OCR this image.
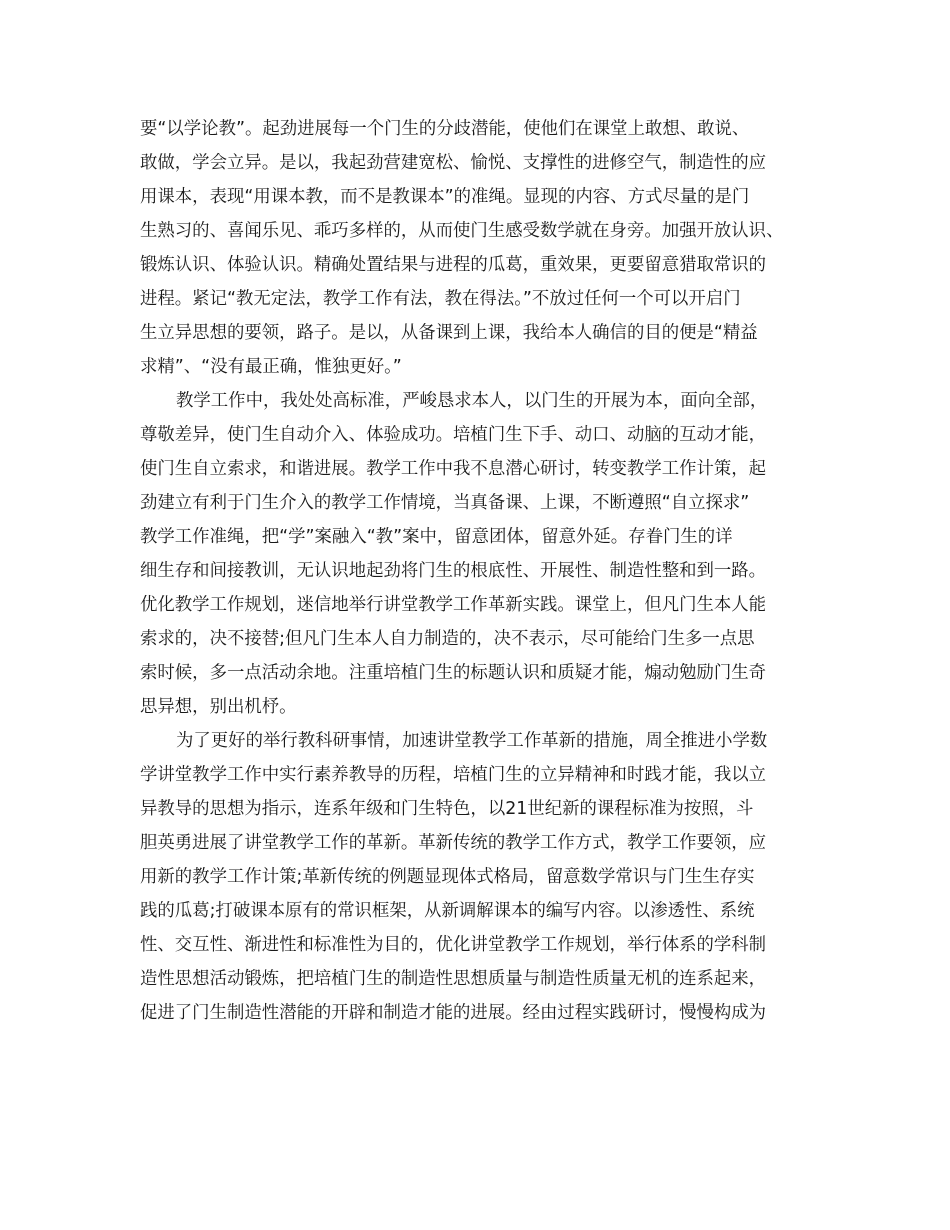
要“以学论教”。起劲进展每一个门生的分歧潜能，使他们在课堂上敢想、敢说、

敢做，学会立异。是以，我起劲营建宽松、愉悦、支撑性的进修空气，制造性的应

用课本，表现“用课本教，而不是教课本”的准绳。显现的内容、方式尽量的是门

生熟习的、喜闻乐见、乖巧多样的，从而使门生感受数学就在身旁。加强开放认识、

锻炼认识、体验认识。精确处置结果与进程的瓜葛，重效果，更要留意猎取常识的

进程。紧记“教无定法，教学工作有法，教在得法。”不放过任何一个可以开启门

生立异思想的要领，路子。是以，从备课到上课，我给本人确信的目的便是“精益

求精”、“没有最正确，惟独更好。”

教学工作中，我处处高标准，严峻恳求本人，以门生的开展为本，面向全部，

尊敬差异，使门生自动介入、体验成功。培植门生下手、动口、动脑的互动才能，

使门生自立索求，和谐进展。教学工作中我不息潜心研讨，转变教学工作计策，起

劲建立有利于门生介入的教学工作情境，当真备课、上课，不断遵照“自立探求”

教学工作准绳，把“学”案融入“教”案中，留意团体，留意外延。存眷门生的详

细生存和间接教训，无认识地起劲将门生的根底性、开展性、制造性整和到一路。

优化教学工作规划，迷信地举行讲堂教学工作革新实践。课堂上，但凡门生本人能

索求的，决不接替;但凡门生本人自力制造的，决不表示，尽可能给门生多一点思

索时候，多一点活动余地。注重培植门生的标题认识和质疑才能，煽动勉励门生奇

思异想，别出机杼。

为了更好的举行教科研事情，加速讲堂教学工作革新的措施，周全推进小学数

学讲堂教学工作中实行素养教导的历程，培植门生的立异精神和时践才能，我以立

异教导的思想为指示，连系年级和门生特色，以21世纪新的课程标准为按照，斗

胆英勇进展了讲堂教学工作的革新。革新传统的教学工作方式，教学工作要领，应

用新的教学工作计策;革新传统的例题显现体式格局，留意数学常识与门生生存实

践的瓜葛;打破课本原有的常识框架，从新调解课本的编写内容。以渗透性、系统

性、交互性、渐进性和标准性为目的，优化讲堂教学工作规划，举行体系的学科制

造性思想活动锻炼，把培植门生的制造性思想质量与制造性质量无机的连系起来，

促进了门生制造性潜能的开辟和制造才能的进展。经由过程实践研讨，慢慢构成为
